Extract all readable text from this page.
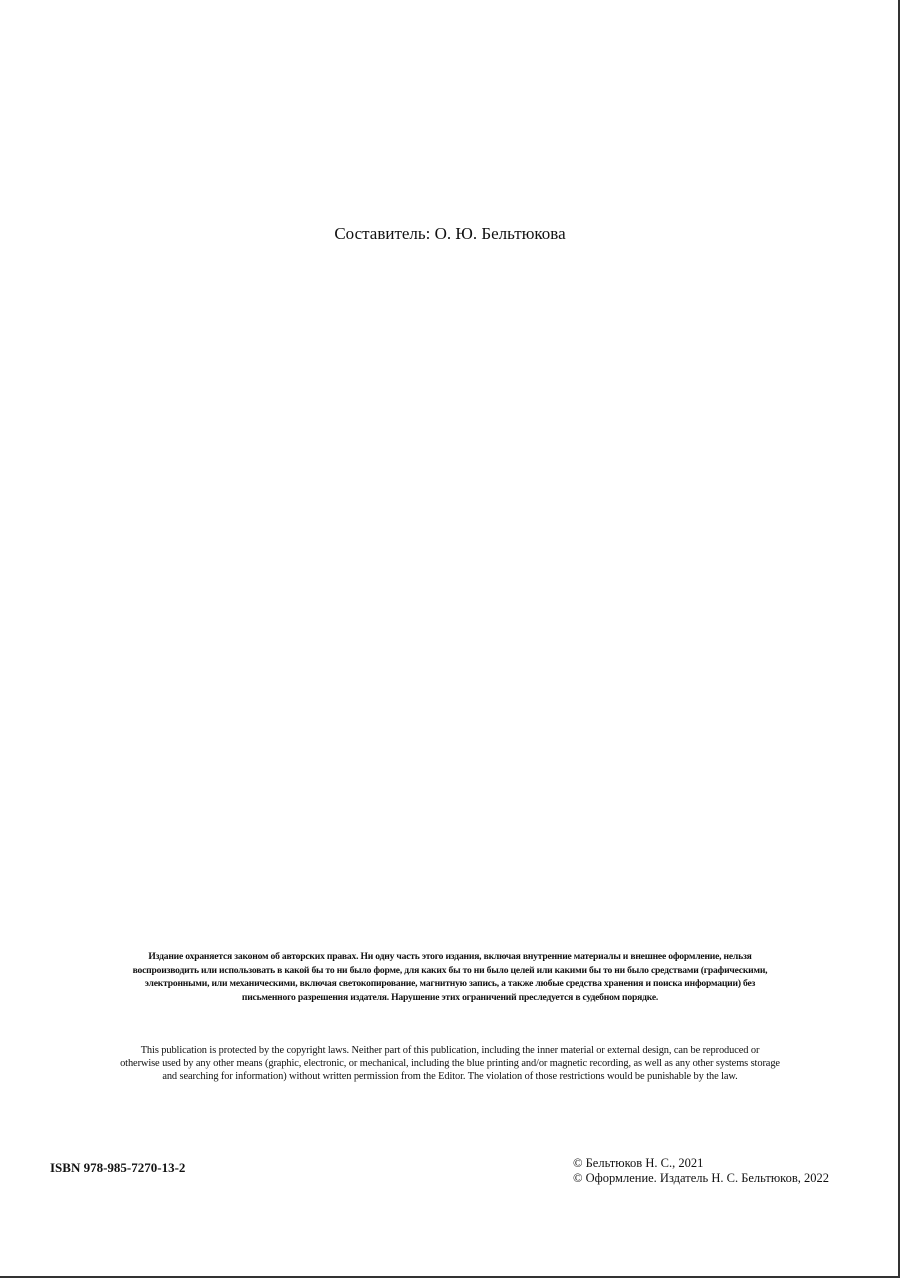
Составитель: О. Ю. Бельтюкова
Издание охраняется законом об авторских правах. Ни одну часть этого издания, включая внутренние материалы и внешнее оформление, нельзя воспроизводить или использовать в какой бы то ни было форме, для каких бы то ни было целей или какими бы то ни было средствами (графическими, электронными, или механическими, включая светокопирование, магнитную запись, а также любые средства хранения и поиска информации) без письменного разрешения издателя. Нарушение этих ограничений преследуется в судебном порядке.
This publication is protected by the copyright laws. Neither part of this publication, including the inner material or external design, can be reproduced or otherwise used by any other means (graphic, electronic, or mechanical, including the blue printing and/or magnetic recording, as well as any other systems storage and searching for information) without written permission from the Editor. The violation of those restrictions would be punishable by the law.
ISBN 978-985-7270-13-2	© Бельтюков Н. С., 2021
© Оформление. Издатель Н. С. Бельтюков, 2022
